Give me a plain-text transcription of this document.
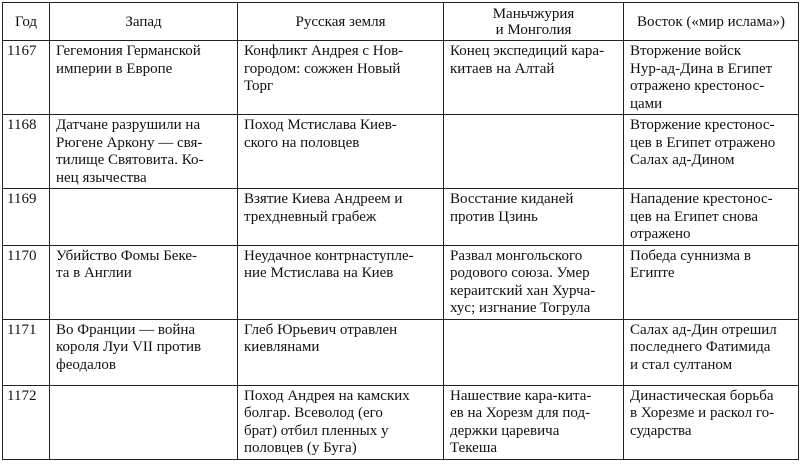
Год	Запад	Русская земля	Маньчжурия
и Монголия	Восток («мир ислама»)

1167	Гегемония Германской
империи в Европе	Конфликт Андрея с Нов-
городом: сожжен Новый
Торг	Конец экспедиций кара-
китаев на Алтай	Вторжение войск
Нур-ад-Дина в Египет
отражено крестонос-
цами

1168	Датчане разрушили на
Рюгене Аркону — свя-
тилище Святовита. Ко-
нец язычества	Поход Мстислава Киев-
ского на половцев		Вторжение крестонос-
цев в Египет отражено
Салах ад-Дином

1169		Взятие Киева Андреем и
трехдневный грабеж	Восстание киданей
против Цзинь	Нападение крестонос-
цев на Египет снова
отражено

1170	Убийство Фомы Беке-
та в Англии	Неудачное контрнаступле-
ние Мстислава на Киев	Развал монгольского
родового союза. Умер
кераитский хан Хурча-
хус; изгнание Тогрула	Победа суннизма в
Египте

1171	Во Франции — война
короля Луи VII против
феодалов	Глеб Юрьевич отравлен
киевлянами		Салах ад-Дин отрешил
последнего Фатимида
и стал султаном

1172		Поход Андрея на камских
болгар. Всеволод (его
брат) отбил пленных у
половцев (у Буга)	Нашествие кара-кита-
ев на Хорезм для под-
держки царевича
Текеша	Династическая борьба
в Хорезме и раскол го-
сударства
